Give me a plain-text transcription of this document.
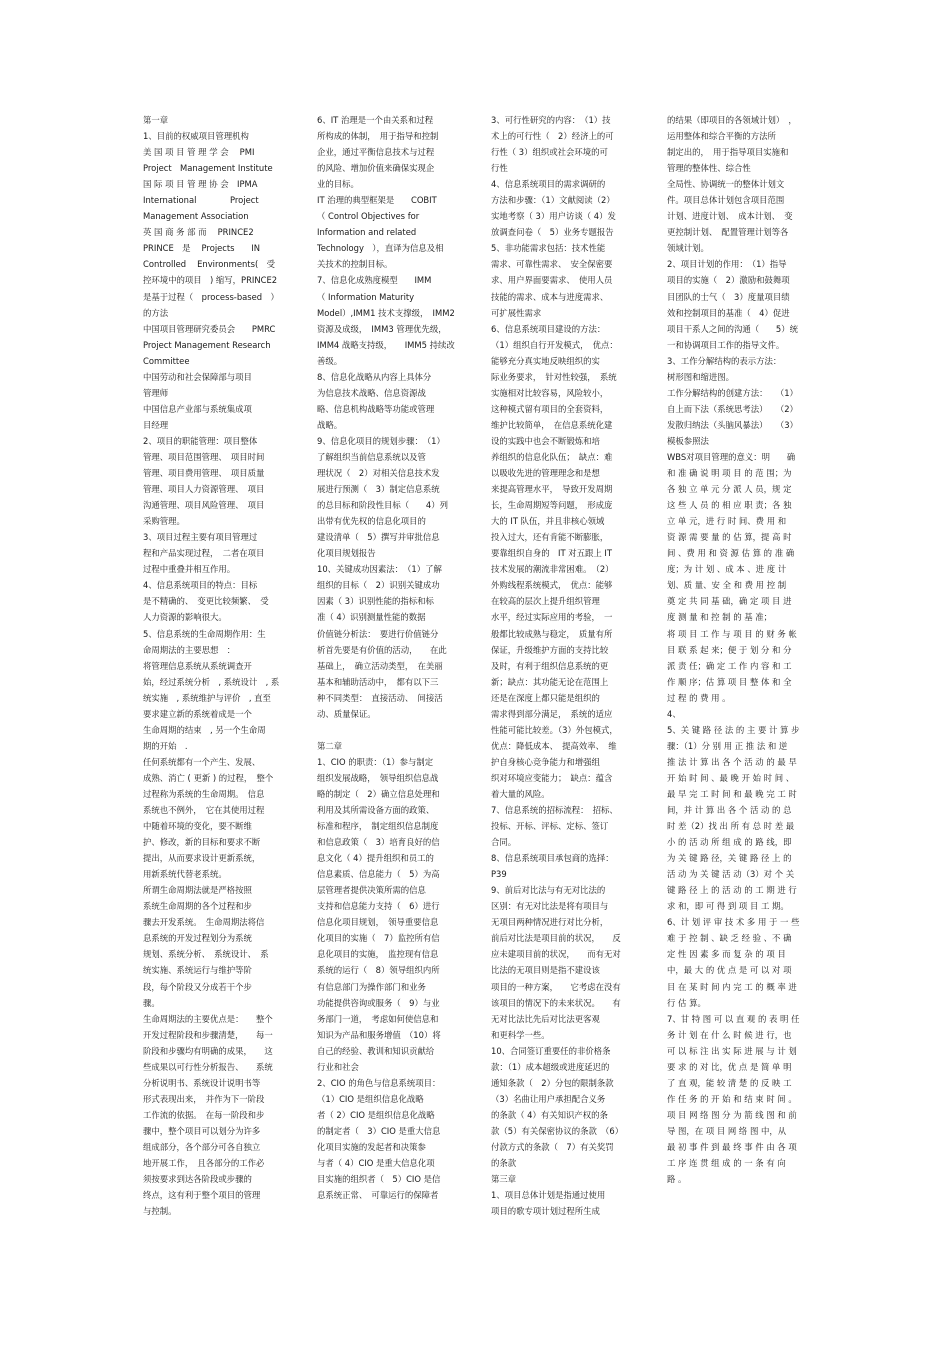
第一章
1、目前的权威项目管理机构
美 国 项 目 管 理 学 会　 PMI
Project　Management Institute
国 际 项 目 管 理 协 会　IPMA
International　　　　Project
Management Association
英 国 商 务 部 而　 PRINCE2
PRINCE　是　 Projects　　IN
Controlled　 Environments(　受
控环境中的项目　) 缩写，PRINCE2
是基于过程（　process-based　）
的方法
中国项目管理研究委员会　　PMRC
Project Management Research
Committee
中国劳动和社会保障部与项目
管理师
中国信息产业部与系统集成项
目经理
2、项目的职能管理：项目整体
管理、项目范围管理、　项目时间
管理、项目费用管理、　项目质量
管理、项目人力资源管理、　项目
沟通管理、项目风险管理、　项目
采购管理。
3、项目过程主要有项目管理过
程和产品实现过程，　二者在项目
过程中重叠并相互作用。
4、信息系统项目的特点：目标
是不精确的、　变更比较频繁、　受
人力资源的影响很大。
5、信息系统的生命周期作用：生
命周期法的主要思想　：
将管理信息系统从系统调查开
始，经过系统分析　, 系统设计　, 系
统实施　, 系统维护与评价　, 直至
要求建立新的系统着成是一个
生命周期的结束　, 另一个生命周
期的开始　.
任何系统都有一个产生、发展、
成熟、消亡 ( 更新 ) 的过程，　整个
过程称为系统的生命周期。　信息
系统也不例外，　它在其使用过程
中随着环境的变化，要不断维
护、修改，新的目标和要求不断
提出，从而要求设计更新系统，
用新系统代替老系统。
所谓生命周期法就是严格按照
系统生命周期的各个过程和步
骤去开发系统。　生命周期法将信
息系统的开发过程划分为系统
规划、系统分析、　系统设计、　系
统实施、系统运行与维护等阶
段，每个阶段又分成若干个步
骤。
生命周期法的主要优点是：　　整个
开发过程阶段和步骤清楚，　　每一
阶段和步骤均有明确的成果，　　这
些成果以可行性分析报告、　　系统
分析说明书、系统设计说明书等
形式表现出来，　并作为下一阶段
工作流的依据。　在每一阶段和步
骤中，整个项目可以划分为许多
组成部分，各个部分可各自独立
地开展工作，　且各部分的工作必
须按要求到达各阶段或步骤的
终点，这有利于整个项目的管理
与控制。
6、IT 治理是一个由关系和过程
所构成的体制，　用于指导和控制
企业，通过平衡信息技术与过程
的风险、增加价值来确保实现企
业的目标。
IT 治理的典型框架是　　COBIT
（ Control Objectives for
Information and related
Technology　），直译为信息及相
关技术的控制目标。
7、信息化成熟度模型　　IMM
（ Information Maturity
Model）,IMM1 技术支撑级，　IMM2
资源及成级，　IMM3 管理优先级，
IMM4 战略支持级，　　IMM5 持续改
善级。
8、信息化战略从内容上具体分
为信息技术战略、信息资源战
略、信息机构战略等功能或管理
战略。
9、信息化项目的规划步骤：　（1）
了解组织当前信息系统以及管
理状况（　2）对相关信息技术发
展进行预测（　3）制定信息系统
的总目标和阶段性目标（　　4）列
出带有优先权的信息化项目的
建设清单（　5）撰写并审批信息
化项目规划报告
10、关键成功因素法：　（1）了解
组织的目标（　2）识别关键成功
因素（ 3）识别性能的指标和标
准（ 4）识别测量性能的数据
价值链分析法：　要进行价值链分
析首先要是有价值的活动，　　在此
基础上，　确立活动类型，　在美丽
基本和辅助活动中，　都有以下三
种不同类型：　直接活动、　间接活
动、质量保证。
第二章
1、CIO 的职责：（1）参与制定
组织发展战略，　领导组织信息战
略的制定（　2）确立信息处理和
利用及其所需设备方面的政策、
标准和程序，　制定组织信息制度
和信息政策（　3）培育良好的信
息文化（ 4）提升组织和员工的
信息素质、信息能力（　5）为高
层管理者提供决策所需的信息
支持和信息能力支持（　6）进行
信息化项目规划，　领导重要信息
化项目的实施（　7）监控所有信
息化项目的实施，　监控现有信息
系统的运行（　8）领导组织内所
有信息部门为操作部门和业务
功能提供咨询或服务（　9）与业
务部门一道，　考虑如何使信息和
知识为产品和服务增值　（10）将
自己的经验、教训和知识贡献给
行业和社会
2、CIO 的角色与信息系统项目：
（1）CIO 是组织信息化战略
者（ 2）CIO 是组织信息化战略
的制定者（　3）CIO 是重大信息
化项目实施的发起者和决策参
与者（ 4）CIO 是重大信息化项
目实施的组织者（　5）CIO 是信
息系统正常、　可靠运行的保障者
3、可行性研究的内容：　（1）技
术上的可行性（　2）经济上的可
行性（ 3）组织或社会环境的可
行性
4、信息系统项目的需求调研的
方法和步骤：（1）文献阅读（2）
实地考察（ 3）用户访谈（ 4）发
放调查问卷（　5）业务专题报告
5、非功能需求包括：技术性能
需求、可靠性需求、　安全保密要
求、用户界面要需求、　使用人员
技能的需求、成本与进度需求、
可扩展性需求
6、信息系统项目建设的方法：
（1）组织自行开发模式，　优点：
能够充分真实地反映组织的实
际业务要求，　针对性较强，　系统
实施相对比较容易，风险较小，
这种模式留有项目的全套资料，
维护比较简单，　在信息系统化建
设的实践中也会不断锻炼和培
养组织的信息化队伍；　缺点：难
以吸收先进的管理理念和是想
来提高管理水平，　导致开发周期
长，生命周期短等问题，　形成庞
大的 IT 队伍，并且非核心领域
投入过大，还有肯能不断膨胀，
要靠组织自身的　IT 对五跟上 IT
技术发展的潮流非常困难。　（2）
外购线程系统模式，　优点：能够
在较高的层次上提升组织管理
水平，经过实际应用的考验，　一
般都比较成熟与稳定，　质量有所
保证，升级维护方面的支持比较
及时，有利于组织信息系统的更
新；缺点：其功能无论在范围上
还是在深度上都只能是组织的
需求得到部分满足，　系统的适应
性能可能比较差。（3）外包模式，
优点：降低成本、　提高效率、　维
护自身核心竞争能力和增强组
织对环境应变能力；　缺点：蕴含
着大量的风险。
7、信息系统的招标流程：　招标、
投标、开标、评标、定标、签订
合同。
8、信息系统项目承包商的选择：
P39
9、前后对比法与有无对比法的
区别：有无对比法是将有项目与
无项目两种情况进行对比分析，
前后对比法是项目前的状况，　　反
应未建项目前的状况，　　而有无对
比法的无项目则是指不建设该
项目的一种方案，　　它考虑在没有
该项目的情况下的未来状况。　　有
无对比法比先后对比法更客观
和更科学一些。
10、合同签订重要任的非价格条
款：（1）成本超级或进度延迟的
通知条款（　2）分包的限制条款
（3）名曲让用户承担配合义务
的条款（ 4）有关知识产权的条
款（5）有关保密协议的条款　（6）
付款方式的条款（　7）有关奖罚
的条款
第三章
1、项目总体计划是指通过使用
项目的歌专项计划过程所生成
的结果（即项目的各领域计划）　，
运用整体和综合平衡的方法所
制定出的，　用于指导项目实施和
管理的整体性、综合性
全局性、协调统一的整体计划文
件。项目总体计划包含项目范围
计划、进度计划、　成本计划、　变
更控制计划、　配置管理计划等各
领域计划。
2、项目计划的作用：　（1）指导
项目的实施（　2）激励和鼓舞项
目团队的士气（　3）度量项目绩
效和控制项目的基准（　4）促进
项目干系人之间的沟通（　　5）统
一和协调项目工作的指导文件。
3、工作分解结构的表示方法：
树形图和缩进图。
工作分解结构的创建方法：　　（1）
自上而下法（系统思考法）　　（2）
发散归纳法（头脑风暴法）　　（3）
模板参照法
WBS对项目管理的意义：明　　确
和 准 确 说 明 项 目 的 范 围；为
各 独 立 单 元 分 派 人 员，规 定
这 些 人 员 的 相 应 职 责；各 独
立 单 元，进 行 时 间、费 用 和
资 源 需 要 量 的 估 算，提 高 时
间 、费 用 和 资 源 估 算 的 准 确
度；为 计 划 、成 本 、进 度 计
划、质 量、安 全 和 费 用 控 制
奠 定 共 同 基 础，确 定 项 目 进
度 测 量 和 控 制 的 基 准；
将 项 目 工 作 与 项 目 的 财 务 帐
目 联 系 起 来；便 于 划 分 和 分
派 责 任；确 定 工 作 内 容 和 工
作 顺 序；估 算 项 目 整 体 和 全
过 程 的 费 用 。
4、
5、关 键 路 径 法 的 主 要 计 算 步
骤：（1）分 别 用 正 推 法 和 逆
推 法 计 算 出 各 个 活 动 的 最 早
开 始 时 间 、最 晚 开 始 时 间 、
最 早 完 工 时 间 和 最 晚 完 工 时
间，并 计 算 出 各 个 活 动 的 总
时 差（2）找 出 所 有 总 时 差 最
小 的 活 动 所 组 成 的 路 线，即
为 关 键 路 径，关 键 路 径 上 的
活 动 为 关 键 活 动（3）对 个 关
键 路 径 上 的 活 动 的 工 期 进 行
求 和，即 可 得 到 项 目 工 期。
6、计 划 评 审 技 术 多 用 于 一 些
难 于 控 制 、缺 乏 经 验 、不 确
定 性 因 素 多 而 复 杂 的 项 目
中，最 大 的 优 点 是 可 以 对 项
目 在 某 时 间 内 完 工 的 概 率 进
行 估 算。
7、甘 特 图 可 以 直 观 的 表 明 任
务 计 划 在 什 么 时 候 进 行，也
可 以 标 注 出 实 际 进 展 与 计 划
要 求 的 对 比，优 点 是 简 单 明
了 直 观，能 较 清 楚 的 反 映 工
作 任 务 的 开 始 和 结 束 时 间 。
项 目 网 络 图 分 为 箭 线 图 和 前
导 图，在 项 目 网 络 图 中，从
最 初 事 件 到 最 终 事 件 由 各 项
工 序 连 贯 组 成 的 一 条 有 向
路 。
